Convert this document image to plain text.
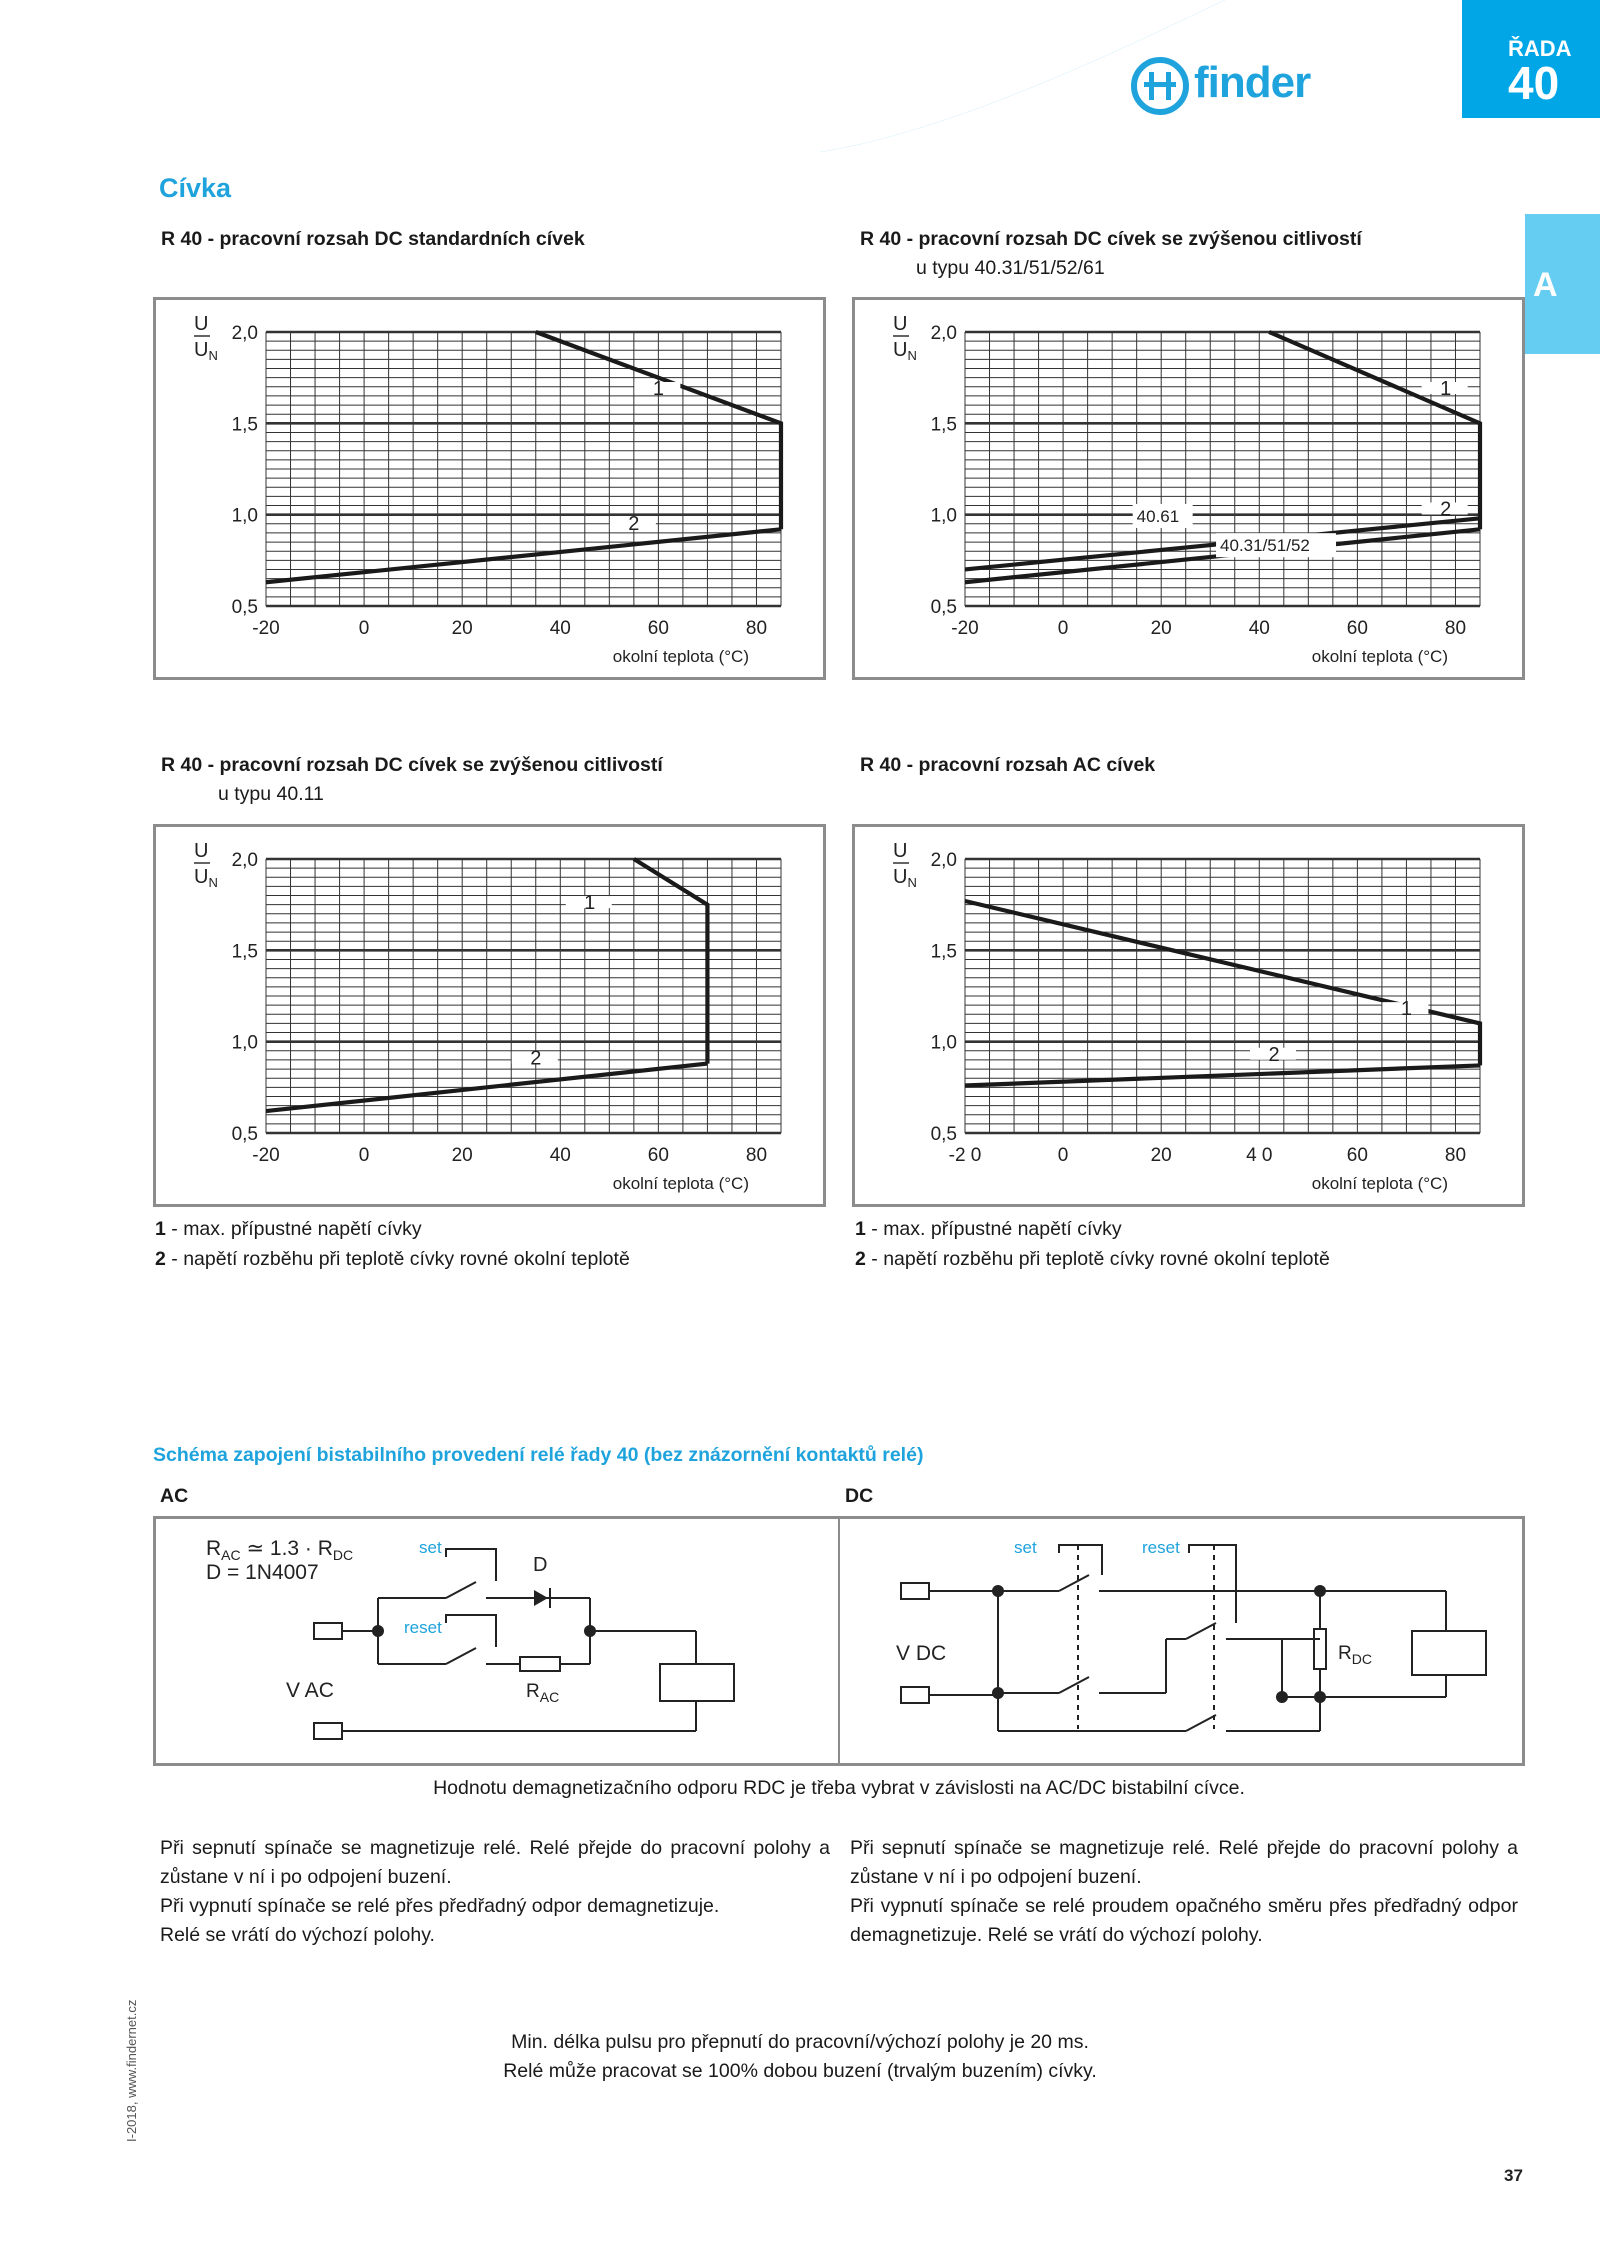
ŘADA 40
Relé do patice / do PS, 8 - 10 - 12 - 16 A	finder
ŘADA
40
A
Cívka
R 40 - pracovní rozsah DC standardních cívek	R 40 - pracovní rozsah DC cívek se zvýšenou citlivostí
u typu 40.31/51/52/61
R 40 - pracovní rozsah DC cívek se zvýšenou citlivostí
u typu 40.11
R 40 - pracovní rozsah AC cívek
0,5
1,0
1,5
2,0
-20	0	20	40	60	80
okolní teplota (°C)
U
$U_N$
1
2
0,5
1,0
1,5
2,0
-20	0	20	40	60	80
okolní teplota (°C)
U
$U_N$
1
2
40.61
40.31/51/52
0,5
1,0
1,5
2,0
-20	0	20	40	60	80
okolní teplota (°C)
U
$U_N$
1
2
0,5
1,0
1,5
2,0
-2 0	0	20	4 0	60	80
okolní teplota (°C)
U
$U_N$
1
2
1 - max. přípustné napětí cívky
2 - napětí rozběhu při teplotě cívky rovné okolní teplotě
1 - max. přípustné napětí cívky
2 - napětí rozběhu při teplotě cívky rovné okolní teplotě
Schéma zapojení bistabilního provedení relé řady 40 (bez znázornění kontaktů relé)
AC	DC
$R_{AC}$ ≃ $1.3 \cdot R_{DC}$
D = 1N4007
set
reset
D
$R_{AC}$
V AC
set	reset
$R_{DC}$
V DC
Hodnotu demagnetizačního odporu RDC je třeba vybrat v závislosti na AC/DC bistabilní cívce.
Při sepnutí spínače se magnetizuje relé. Relé přejde do pracovní polohy a zůstane v ní i po odpojení buzení.
Při vypnutí spínače se relé přes předřadný odpor demagnetizuje.
Relé se vrátí do výchozí polohy.
Při sepnutí spínače se magnetizuje relé. Relé přejde do pracovní polohy a zůstane v ní i po odpojení buzení.
Při vypnutí spínače se relé proudem opačného směru přes předřadný odpor demagnetizuje. Relé se vrátí do výchozí polohy.
Min. délka pulsu pro přepnutí do pracovní/výchozí polohy je 20 ms.
Relé může pracovat se 100% dobou buzení (trvalým buzením) cívky.
I-2018, www.findernet.cz
37
